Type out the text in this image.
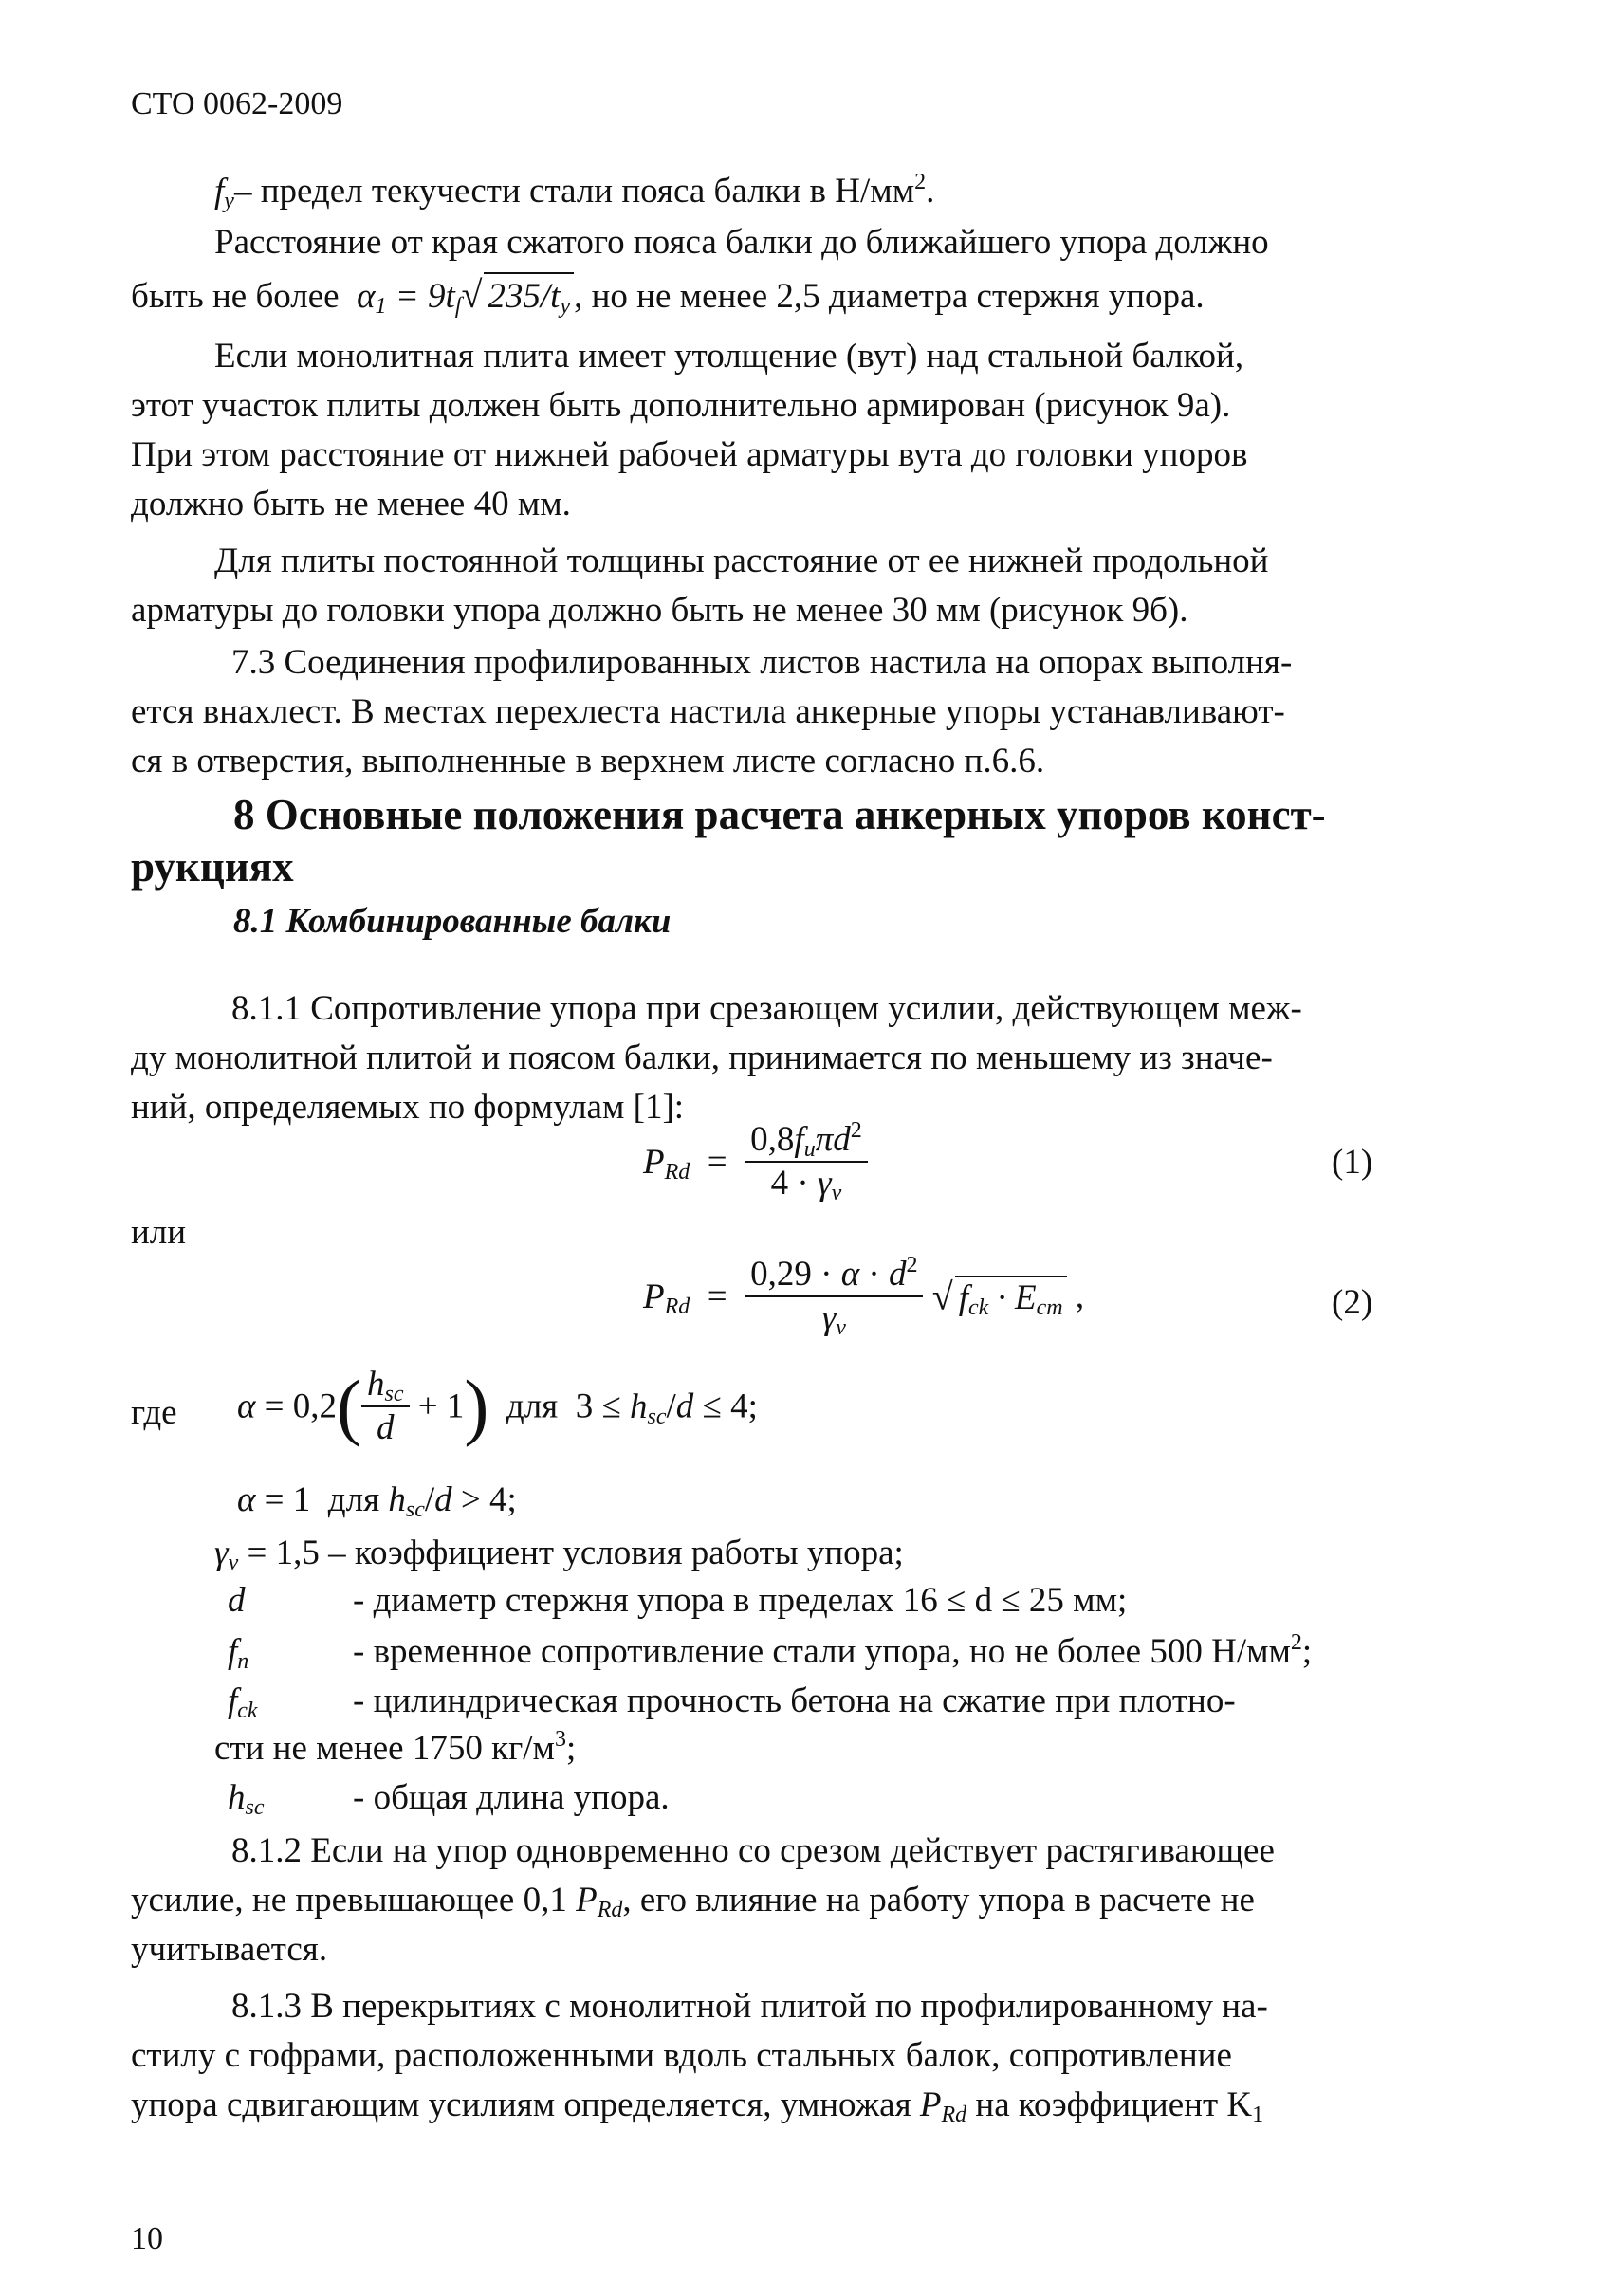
СТО 0062-2009
$f_y-$ предел текучести стали пояса балки в $Н/мм^2$.
Расстояние от края сжатого пояса балки до ближайшего упора должно
быть не более  $\alpha_1 = 9t_f√$ $235/t_y$ , но не менее 2,5 диаметра стержня упора.
Если монолитная плита имеет утолщение (вут) над стальной балкой,
этот участок плиты должен быть дополнительно армирован (рисунок 9а).
При этом расстояние от нижней рабочей арматуры вута до головки упоров
должно быть не менее 40 мм.
Для плиты постоянной толщины расстояние от ее нижней продольной
арматуры до головки упора должно быть не менее 30 мм (рисунок 9б).
7.3 Соединения профилированных листов настила на опорах выполня-
ется внахлест. В местах перехлеста настила анкерные упоры устанавливают-
ся в отверстия, выполненные в верхнем листе согласно п.6.6.
8 Основные положения расчета анкерных упоров конст-
рукциях
8.1 Комбинированные балки
8.1.1 Сопротивление упора при срезающем усилии, действующем меж-
ду монолитной плитой и поясом балки, принимается по меньшему из значе-
ний, определяемых по формулам [1]:
$P_{Rd} = \frac{0,8f_u\pi d^2}{4 \cdot \gamma_v}$	(1)
или
$P_{Rd} = \frac{0,29 \cdot \alpha \cdot d^2}{\gamma_v}$ √ $f_{ck} \cdot E_{cm}$ ,	(2)
где $\alpha = 0,2( \frac{h_{sc}}{d} + 1)$ для $3 \le h_{sc}/d \le 4$;
α = 1 для $h_{sc}/d > 4$;
$\gamma_v = 1,5$ – коэффициент условия работы упора;
d	- диаметр стержня упора в пределах 16 ≤ d ≤ 25 мм;
$f_n$	- временное сопротивление стали упора, но не более 500 $Н/мм^2$;
$f_{ck}$	- цилиндрическая прочность бетона на сжатие при плотно-
сти не менее 1750 $кг/м^3$;
$h_{sc}$	- общая длина упора.
8.1.2 Если на упор одновременно со срезом действует растягивающее
усилие, не превышающее 0,1 $P_{Rd}$, его влияние на работу упора в расчете не
учитывается.
8.1.3 В перекрытиях с монолитной плитой по профилированному на-
стилу с гофрами, расположенными вдоль стальных балок, сопротивление
упора сдвигающим усилиям определяется, умножая $P_{Rd}$ на коэффициент $K_1$
10
